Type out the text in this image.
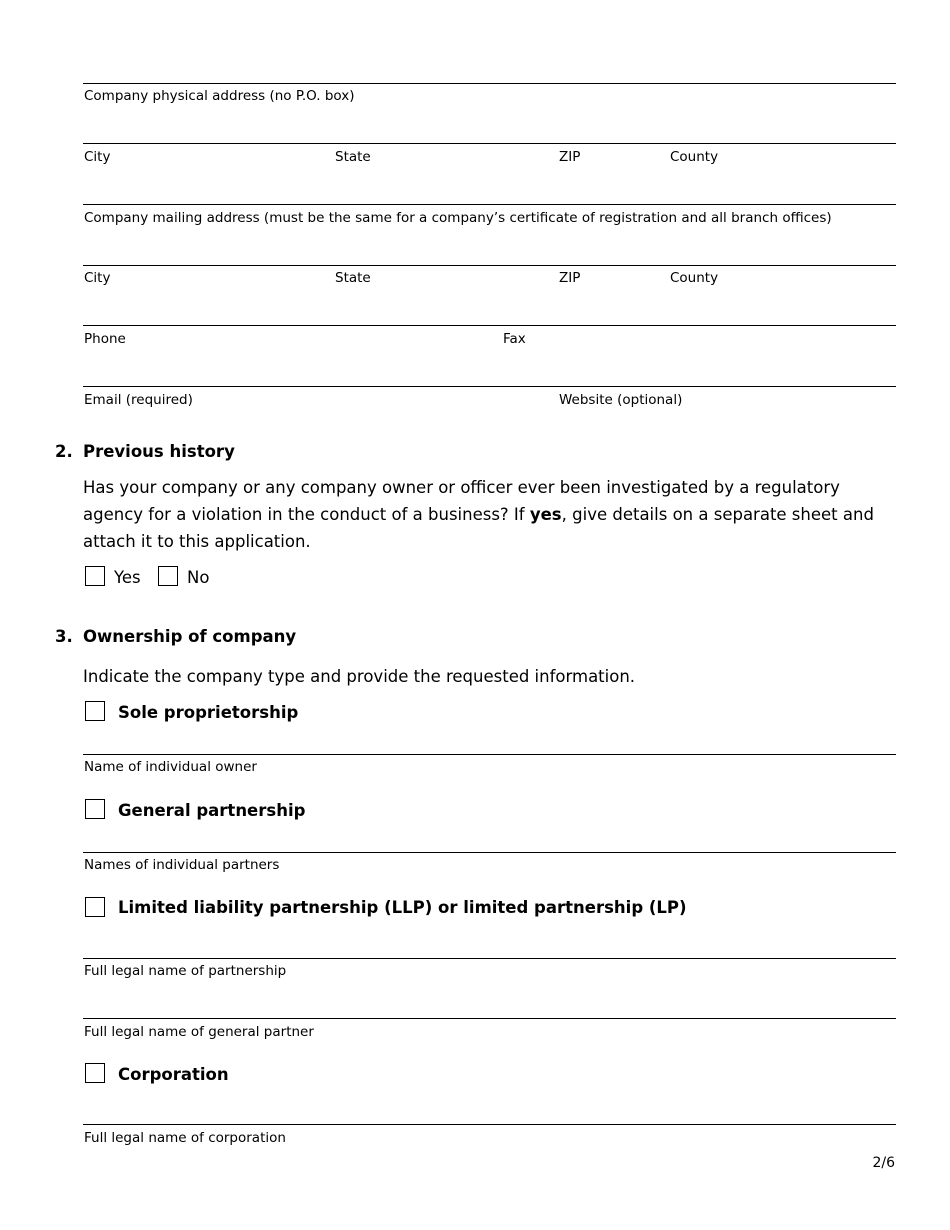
Company physical address (no P.O. box)
City	State	ZIP	County
Company mailing address (must be the same for a company’s certificate of registration and all branch offices)
City	State	ZIP	County
Phone	Fax
Email (required)	Website (optional)
2. Previous history
Has your company or any company owner or officer ever been investigated by a regulatory agency for a violation in the conduct of a business? If yes, give details on a separate sheet and attach it to this application.
Yes	No
3. Ownership of company
Indicate the company type and provide the requested information.
Sole proprietorship
Name of individual owner
General partnership
Names of individual partners
Limited liability partnership (LLP) or limited partnership (LP)
Full legal name of partnership
Full legal name of general partner
Corporation
Full legal name of corporation
2/6
